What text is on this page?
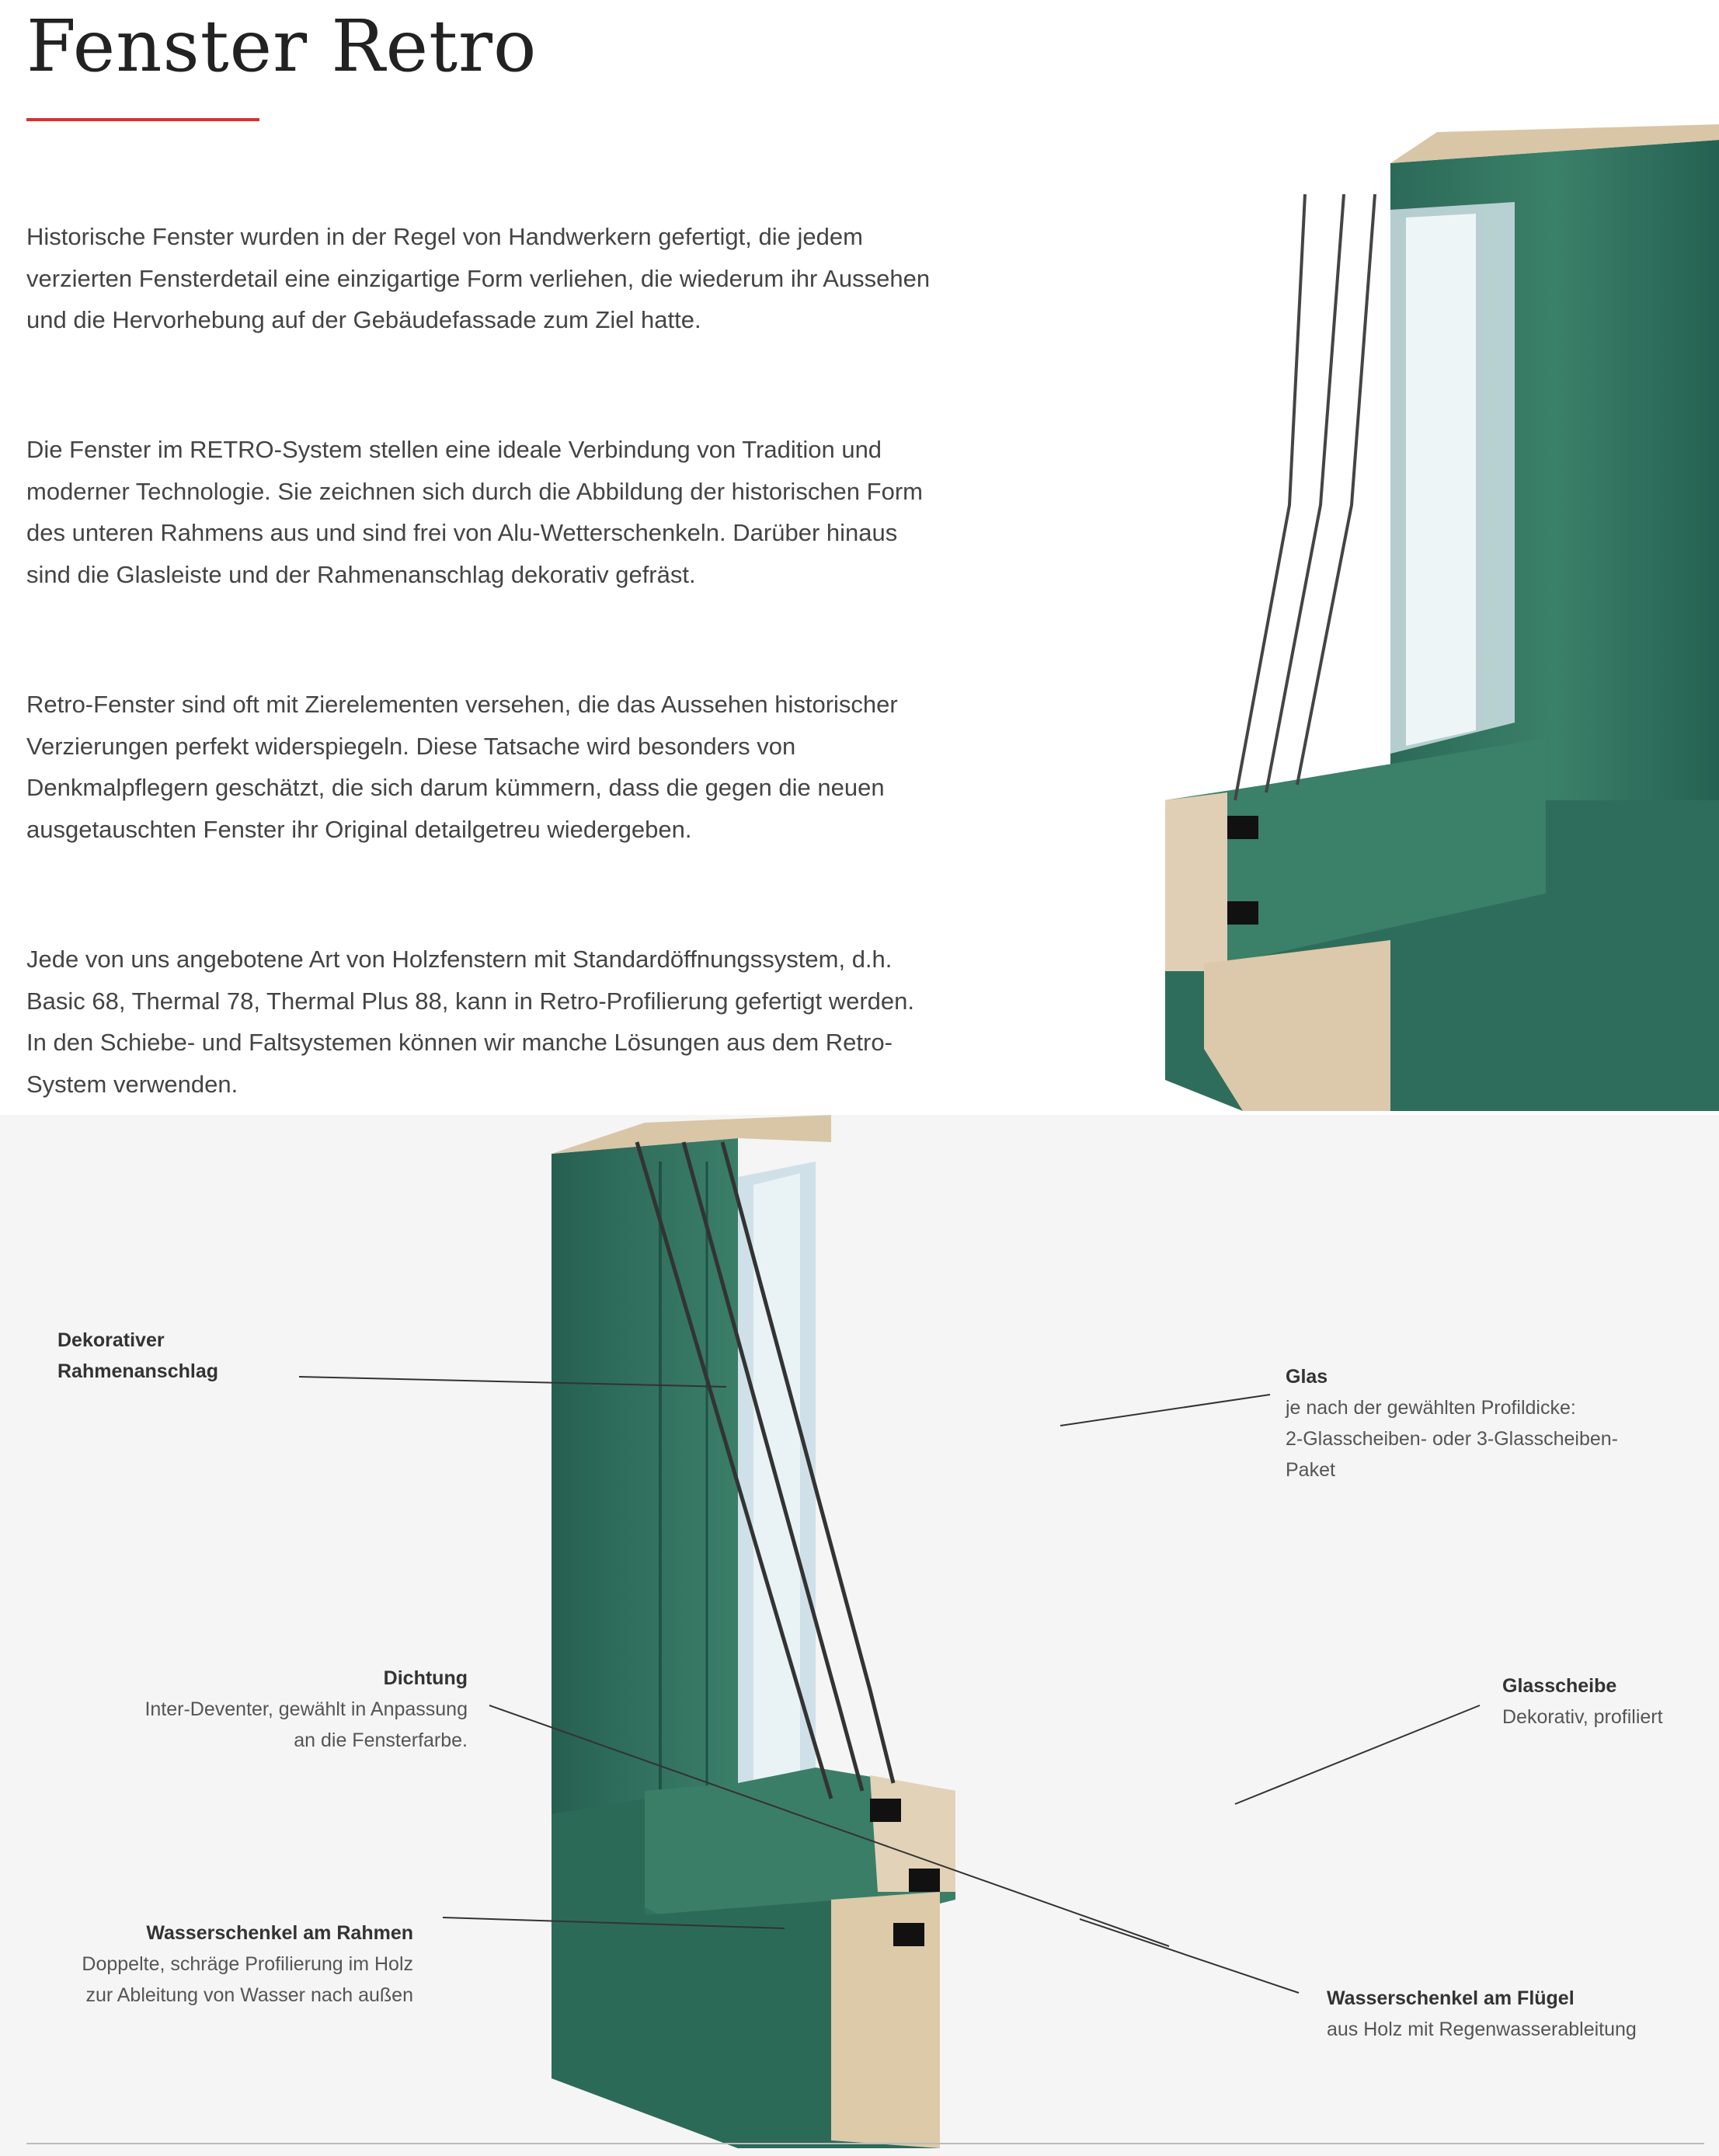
Fenster Retro

Historische Fenster wurden in der Regel von Handwerkern gefertigt, die jedem verzierten Fensterdetail eine einzigartige Form verliehen, die wiederum ihr Aussehen und die Hervorhebung auf der Gebäudefassade zum Ziel hatte.

Die Fenster im RETRO-System stellen eine ideale Verbindung von Tradition und moderner Technologie. Sie zeichnen sich durch die Abbildung der historischen Form des unteren Rahmens aus und sind frei von Alu-Wetterschenkeln. Darüber hinaus sind die Glasleiste und der Rahmenanschlag dekorativ gefräst.

Retro-Fenster sind oft mit Zierelementen versehen, die das Aussehen historischer Verzierungen perfekt widerspiegeln. Diese Tatsache wird besonders von Denkmalpflegern geschätzt, die sich darum kümmern, dass die gegen die neuen ausgetauschten Fenster ihr Original detailgetreu wiedergeben.

Jede von uns angebotene Art von Holzfenstern mit Standardöffnungssystem, d.h. Basic 68, Thermal 78, Thermal Plus 88, kann in Retro-Profilierung gefertigt werden. In den Schiebe- und Faltsystemen können wir manche Lösungen aus dem Retro-System verwenden.

Dekorativer
Rahmenanschlag	Glas
je nach der gewählten Profildicke:
2-Glasscheiben- oder 3-Glasscheiben-
Paket
Dichtung
Inter-Deventer, gewählt in Anpassung
an die Fensterfarbe.
Glasscheibe
Dekorativ, profiliert
Wasserschenkel am Rahmen
Doppelte, schräge Profilierung im Holz
zur Ableitung von Wasser nach außen	Wasserschenkel am Flügel
aus Holz mit Regenwasserableitung
